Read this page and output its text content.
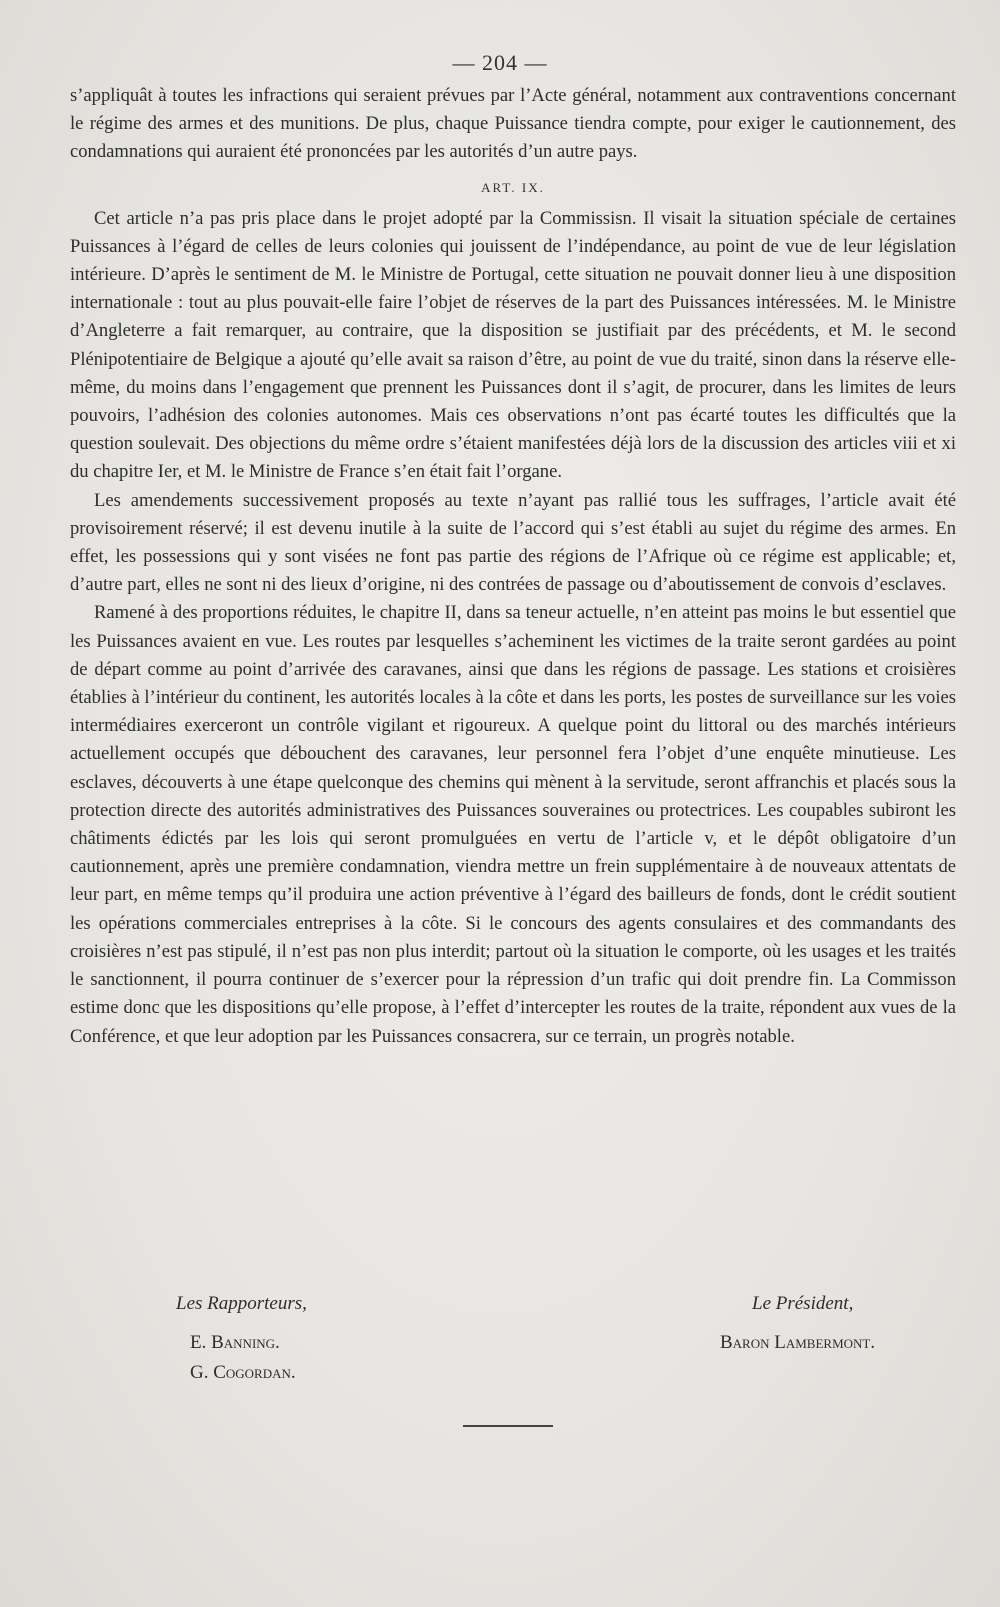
— 204 —

s’appliquât à toutes les infractions qui seraient prévues par l’Acte général, notamment aux contraventions concernant le régime des armes et des munitions. De plus, chaque Puissance tiendra compte, pour exiger le cautionnement, des condamnations qui auraient été prononcées par les autorités d’un autre pays.

ART. IX.

Cet article n’a pas pris place dans le projet adopté par la Commissisn. Il visait la situation spéciale de certaines Puissances à l’égard de celles de leurs colonies qui jouissent de l’indépendance, au point de vue de leur législation intérieure. D’après le sentiment de M. le Ministre de Portugal, cette situation ne pouvait donner lieu à une disposition internationale : tout au plus pouvait-elle faire l’objet de réserves de la part des Puissances intéressées. M. le Ministre d’Angleterre a fait remarquer, au contraire, que la disposition se justifiait par des précédents, et M. le second Plénipotentiaire de Belgique a ajouté qu’elle avait sa raison d’être, au point de vue du traité, sinon dans la réserve elle-même, du moins dans l’engagement que prennent les Puissances dont il s’agit, de procurer, dans les limites de leurs pouvoirs, l’adhésion des colonies autonomes. Mais ces observations n’ont pas écarté toutes les difficultés que la question soulevait. Des objections du même ordre s’étaient manifestées déjà lors de la discussion des articles viii et xi du chapitre Ier, et M. le Ministre de France s’en était fait l’organe.

Les amendements successivement proposés au texte n’ayant pas rallié tous les suffrages, l’article avait été provisoirement réservé; il est devenu inutile à la suite de l’accord qui s’est établi au sujet du régime des armes. En effet, les possessions qui y sont visées ne font pas partie des régions de l’Afrique où ce régime est applicable; et, d’autre part, elles ne sont ni des lieux d’origine, ni des contrées de passage ou d’aboutissement de convois d’esclaves.

Ramené à des proportions réduites, le chapitre II, dans sa teneur actuelle, n’en atteint pas moins le but essentiel que les Puissances avaient en vue. Les routes par lesquelles s’acheminent les victimes de la traite seront gardées au point de départ comme au point d’arrivée des caravanes, ainsi que dans les régions de passage. Les stations et croisières établies à l’intérieur du continent, les autorités locales à la côte et dans les ports, les postes de surveillance sur les voies intermédiaires exerceront un contrôle vigilant et rigoureux. A quelque point du littoral ou des marchés intérieurs actuellement occupés que débouchent des caravanes, leur personnel fera l’objet d’une enquête minutieuse. Les esclaves, découverts à une étape quelconque des chemins qui mènent à la servitude, seront affranchis et placés sous la protection directe des autorités administratives des Puissances souveraines ou protectrices. Les coupables subiront les châtiments édictés par les lois qui seront promulguées en vertu de l’article v, et le dépôt obligatoire d’un cautionnement, après une première condamnation, viendra mettre un frein supplémentaire à de nouveaux attentats de leur part, en même temps qu’il produira une action préventive à l’égard des bailleurs de fonds, dont le crédit soutient les opérations commerciales entreprises à la côte. Si le concours des agents consulaires et des commandants des croisières n’est pas stipulé, il n’est pas non plus interdit; partout où la situation le comporte, où les usages et les traités le sanctionnent, il pourra continuer de s’exercer pour la répression d’un trafic qui doit prendre fin. La Commisson estime donc que les dispositions qu’elle propose, à l’effet d’intercepter les routes de la traite, répondent aux vues de la Conférence, et que leur adoption par les Puissances consacrera, sur ce terrain, un progrès notable.

Les Rapporteurs,
E. Banning.
G. Cogordan.
Le Président,
Baron Lambermont.
